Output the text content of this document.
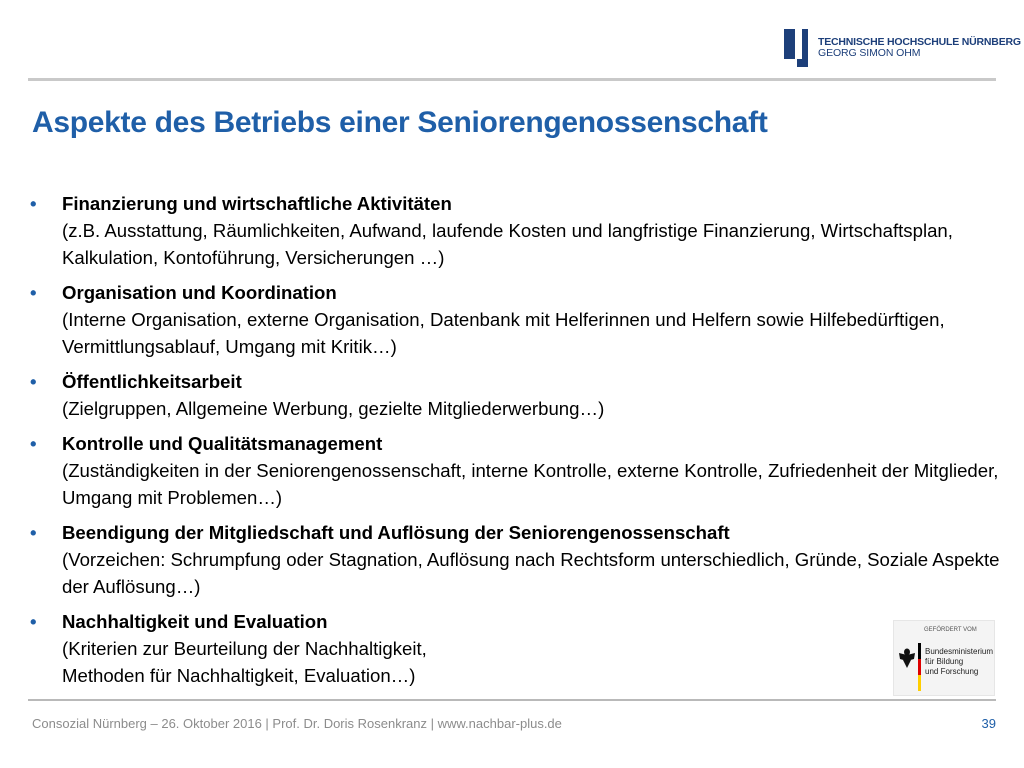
TECHNISCHE HOCHSCHULE NÜRNBERG
GEORG SIMON OHM
Aspekte des Betriebs einer Seniorengenossenschaft
• Finanzierung und wirtschaftliche Aktivitäten
(z.B. Ausstattung, Räumlichkeiten, Aufwand, laufende Kosten und langfristige Finanzierung, Wirtschaftsplan, Kalkulation, Kontoführung, Versicherungen …)
• Organisation und Koordination
(Interne Organisation, externe Organisation, Datenbank mit Helferinnen und Helfern sowie Hilfebedürftigen, Vermittlungsablauf, Umgang mit Kritik…)
• Öffentlichkeitsarbeit
(Zielgruppen, Allgemeine Werbung, gezielte Mitgliederwerbung…)
• Kontrolle und Qualitätsmanagement
(Zuständigkeiten in der Seniorengenossenschaft, interne Kontrolle, externe Kontrolle, Zufriedenheit der Mitglieder, Umgang mit Problemen…)
• Beendigung der Mitgliedschaft und Auflösung der Seniorengenossenschaft
(Vorzeichen: Schrumpfung oder Stagnation, Auflösung nach Rechtsform unterschiedlich, Gründe, Soziale Aspekte der Auflösung…)
• Nachhaltigkeit und Evaluation
(Kriterien zur Beurteilung der Nachhaltigkeit,
Methoden für Nachhaltigkeit, Evaluation…)
GEFÖRDERT VOM
Bundesministerium
für Bildung
und Forschung
Consozial Nürnberg – 26. Oktober 2016 | Prof. Dr. Doris Rosenkranz | www.nachbar-plus.de	39
